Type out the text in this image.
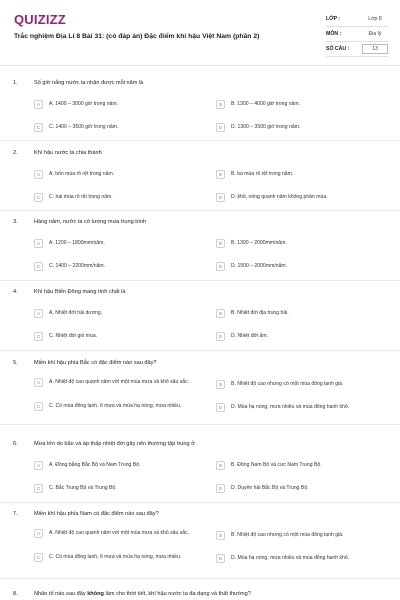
QUIZIZZ
Trắc nghiệm Địa Lí 8 Bài 31: (có đáp án) Đặc điểm khí hậu Việt Nam (phần 2)
LỚP :	Lớp 8
MÔN :	Địa lý
SỐ CÂU :	13
1.	Số giờ nắng nước ta nhận được mỗi năm là
A	A. 1400 – 3000 giờ trong năm.	B	B. 1300 – 4000 giờ trong năm.
C	C. 1400 – 3500 giờ trong năm.	D	D. 1300 – 3500 giờ trong năm.
2.	Khí hậu nước ta chia thành
A	A. bốn mùa rõ rệt trong năm.	B	B. ba mùa rõ rệt trong năm.
C	C. hai mùa rõ rệt trong năm.	D	D. khô, nóng quanh năm không phân mùa.
3.	Hàng năm, nước ta có lượng mưa trung bình
A	A. 1200 – 1800mm/năm.	B	B. 1300 – 2000mm/năm.
C	C. 1400 – 2200mm/năm.	D	D. 1500 – 2000mm/năm.
4.	Khí hậu Biển Đông mang tính chất là
A	A. Nhiệt đới hải dương.	B	B. Nhiệt đới địa trung hải.
C	C. Nhiệt đới gió mùa.	D	D. Nhiệt đới ẩm.
5.	Miền khí hậu phía Bắc có đặc điểm nào sau đây?
A	A. Nhiệt độ cao quanh năm với một mùa mưa và khô sâu sắc.	B	B. Nhiệt độ cao nhưng có một mùa đông lạnh giá.
C	C. Có mùa đông lạnh, ít mưa và mùa hạ nóng, mưa nhiều.	D	D. Mùa hạ nóng, mưa nhiều và mùa đông hanh khô.
6.	Mưa lớn do bão và áp thấp nhiệt đới gây nên thường tập trung ở
A	A. Đồng bằng Bắc Bộ và Nam Trung Bộ.	B	B. Đông Nam Bộ và cực Nam Trung Bộ.
C	C. Bắc Trung Bộ và Trung Bộ.	D	D. Duyên hải Bắc Bộ và Trung Bộ.
7.	Miền khí hậu phía Nam có đặc điểm nào sau đây?
A	A. Nhiệt độ cao quanh năm với một mùa mưa và khô sâu sắc.	B	B. Nhiệt độ cao nhưng có một mùa đông lạnh giá.
C	C. Có mùa đông lạnh, ít mưa và mùa hạ nóng, mưa nhiều.	D	D. Mùa hạ nóng, mưa nhiều và mùa đông hanh khô.
8.	Nhân tố nào sau đây không làm cho thời tiết, khí hậu nước ta đa dạng và thất thường?
